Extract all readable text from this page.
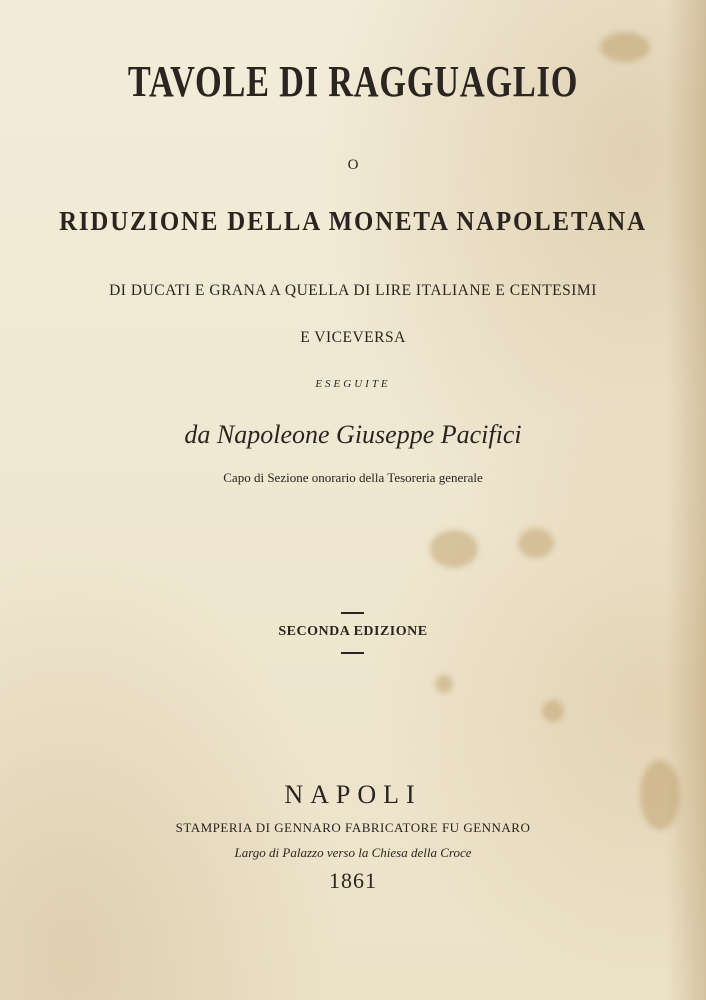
TAVOLE DI RAGGUAGLIO
O
RIDUZIONE DELLA MONETA NAPOLETANA
DI DUCATI E GRANA A QUELLA DI LIRE ITALIANE E CENTESIMI
E VICEVERSA
ESEGUITE
da Napoleone Giuseppe Pacifici
Capo di Sezione onorario della Tesoreria generale
SECONDA EDIZIONE
NAPOLI
STAMPERIA DI GENNARO FABRICATORE FU GENNARO
Largo di Palazzo verso la Chiesa della Croce
1861
